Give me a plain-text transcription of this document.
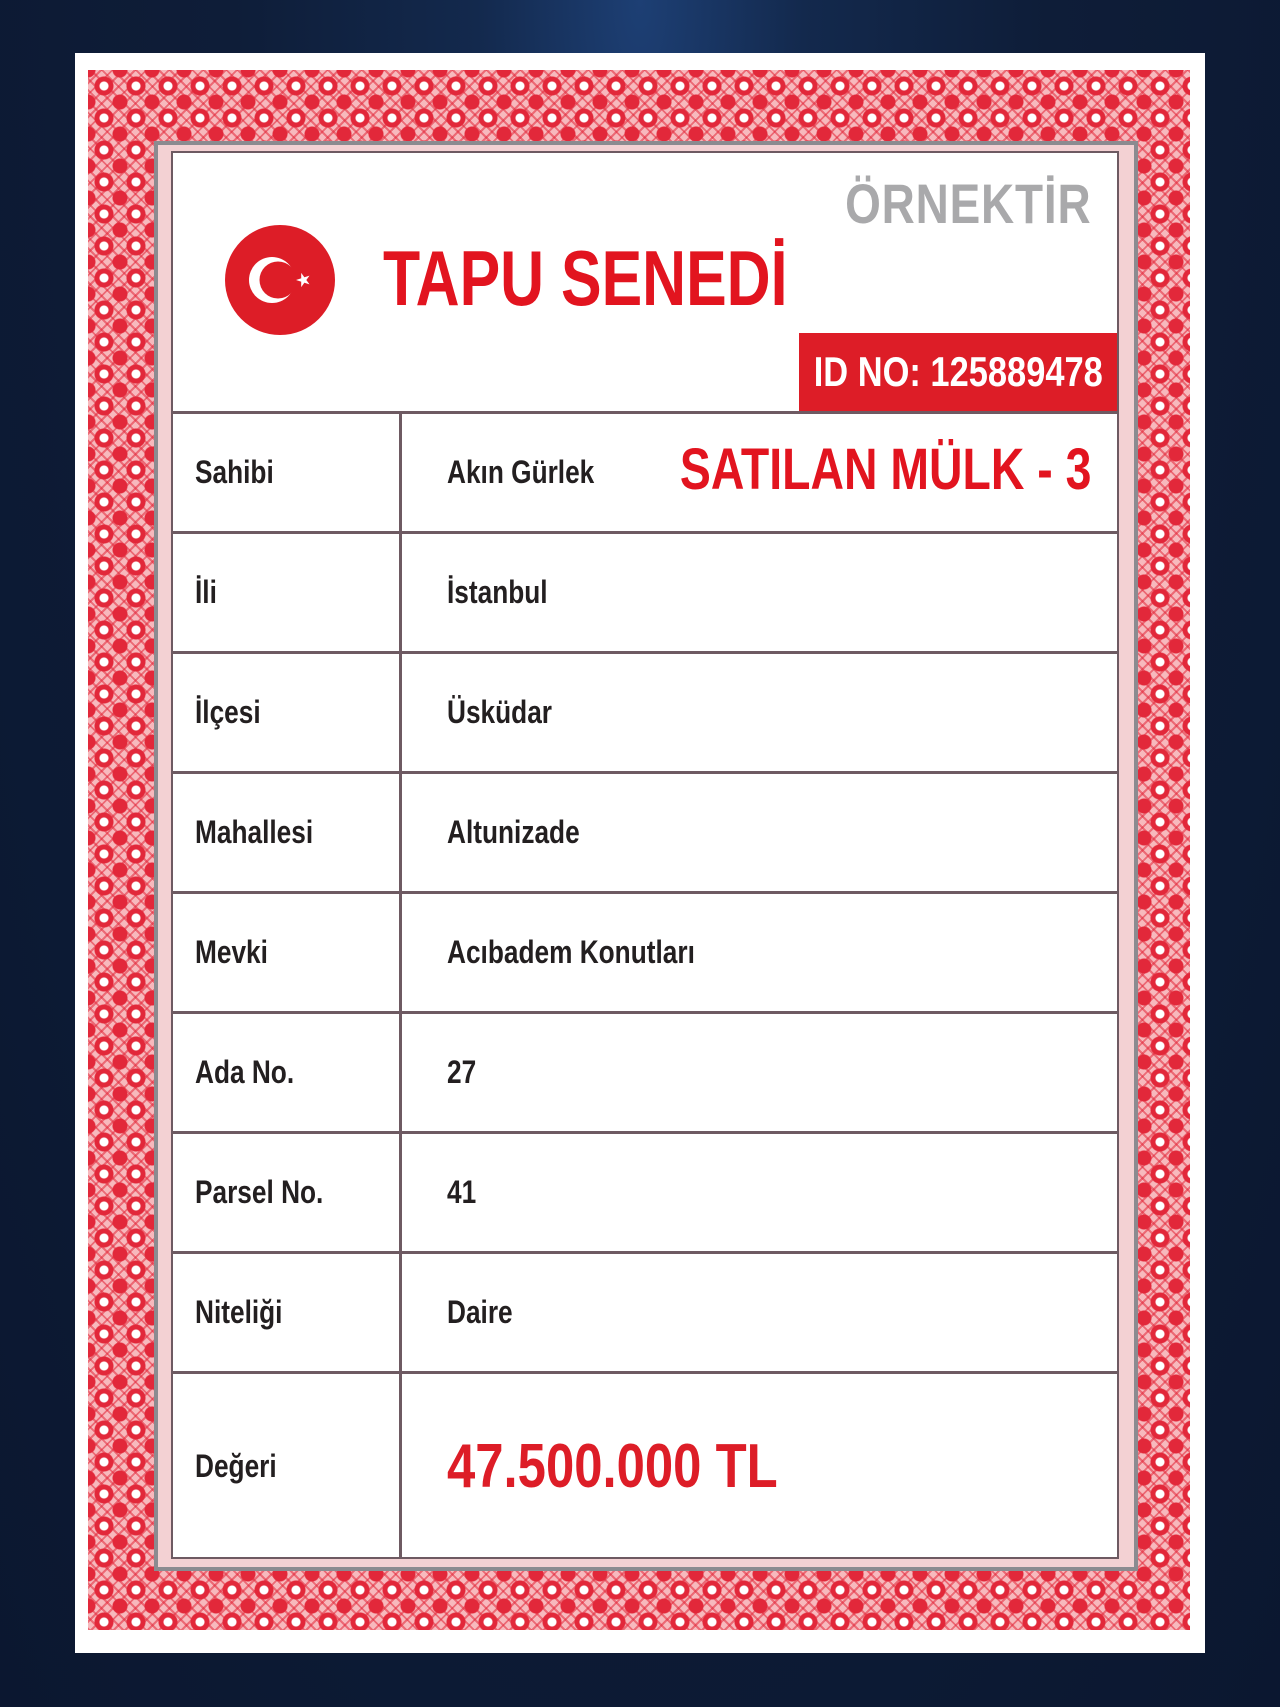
ÖRNEKTİR
TAPU SENEDİ
ID NO: 125889478
Sahibi	Akın Gürlek	SATILAN MÜLK - 3
İli	İstanbul
İlçesi	Üsküdar
Mahallesi	Altunizade
Mevki	Acıbadem Konutları
Ada No.	27
Parsel No.	41
Niteliği	Daire
Değeri	47.500.000 TL
